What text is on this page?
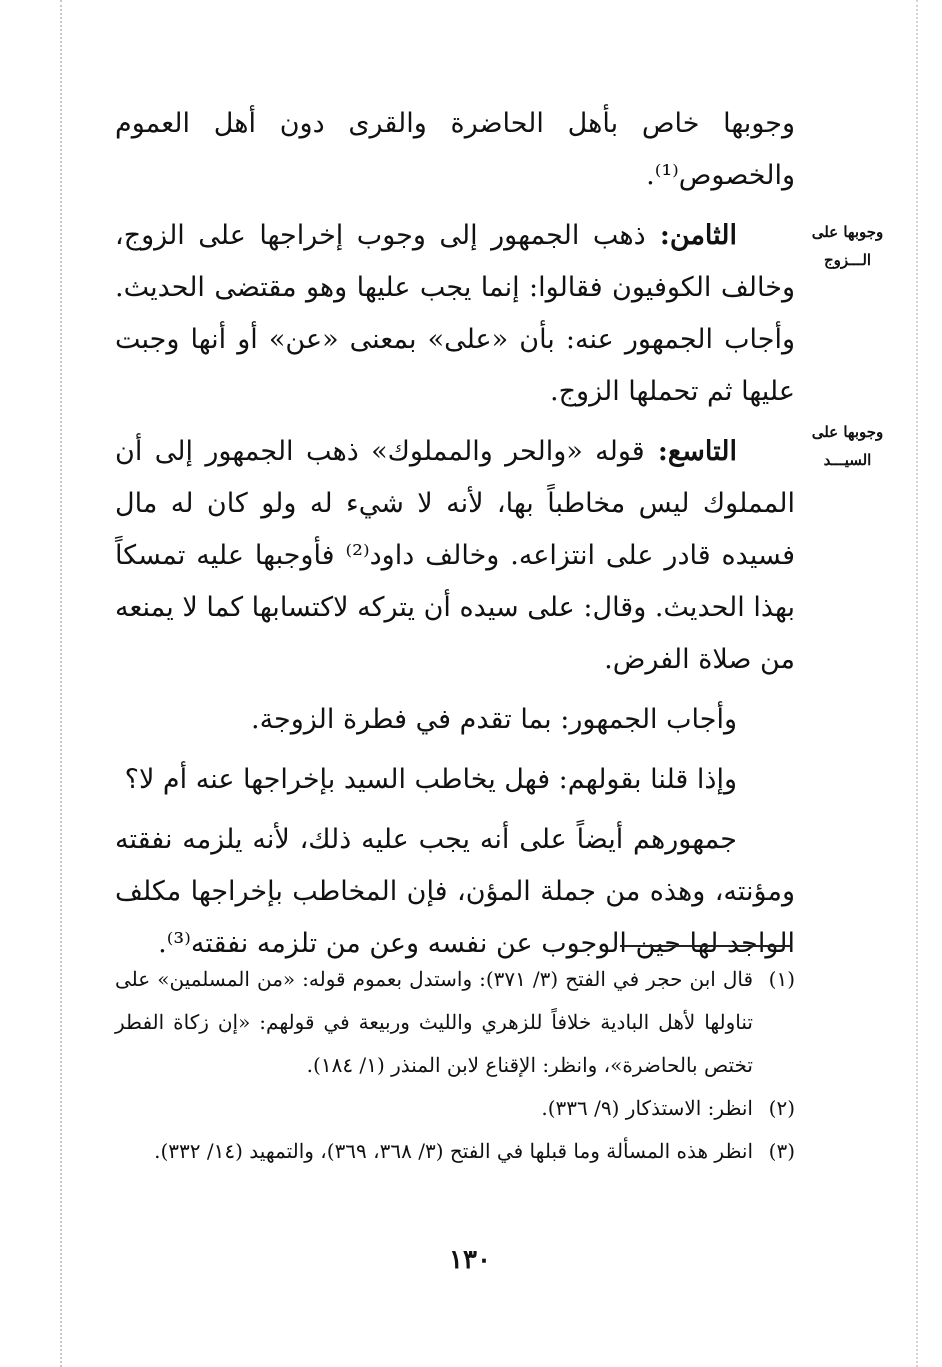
وجوبها على الـــزوج
وجوبها على السيـــد

وجوبها خاص بأهل الحاضرة والقرى دون أهل العموم والخصوص⁽¹⁾.

الثامن: ذهب الجمهور إلى وجوب إخراجها على الزوج، وخالف الكوفيون فقالوا: إنما يجب عليها وهو مقتضى الحديث. وأجاب الجمهور عنه: بأن «على» بمعنى «عن» أو أنها وجبت عليها ثم تحملها الزوج.

التاسع: قوله «والحر والمملوك» ذهب الجمهور إلى أن المملوك ليس مخاطباً بها، لأنه لا شيء له ولو كان له مال فسيده قادر على انتزاعه. وخالف داود⁽²⁾ فأوجبها عليه تمسكاً بهذا الحديث. وقال: على سيده أن يتركه لاكتسابها كما لا يمنعه من صلاة الفرض.

وأجاب الجمهور: بما تقدم في فطرة الزوجة.

وإذا قلنا بقولهم: فهل يخاطب السيد بإخراجها عنه أم لا؟

جمهورهم أيضاً على أنه يجب عليه ذلك، لأنه يلزمه نفقته ومؤنته، وهذه من جملة المؤن، فإن المخاطب بإخراجها مكلف الواجد لها حين الوجوب عن نفسه وعن من تلزمه نفقته⁽³⁾.

(١)
قال ابن حجر في الفتح (٣/ ٣٧١): واستدل بعموم قوله: «من المسلمين» على تناولها لأهل البادية خلافاً للزهري والليث وربيعة في قولهم: «إن زكاة الفطر تختص بالحاضرة»، وانظر: الإقناع لابن المنذر (١/ ١٨٤).
(٢)
انظر: الاستذكار (٩/ ٣٣٦).
(٣)
انظر هذه المسألة وما قبلها في الفتح (٣/ ٣٦٨، ٣٦٩)، والتمهيد (١٤/ ٣٣٢).
١٣٠
